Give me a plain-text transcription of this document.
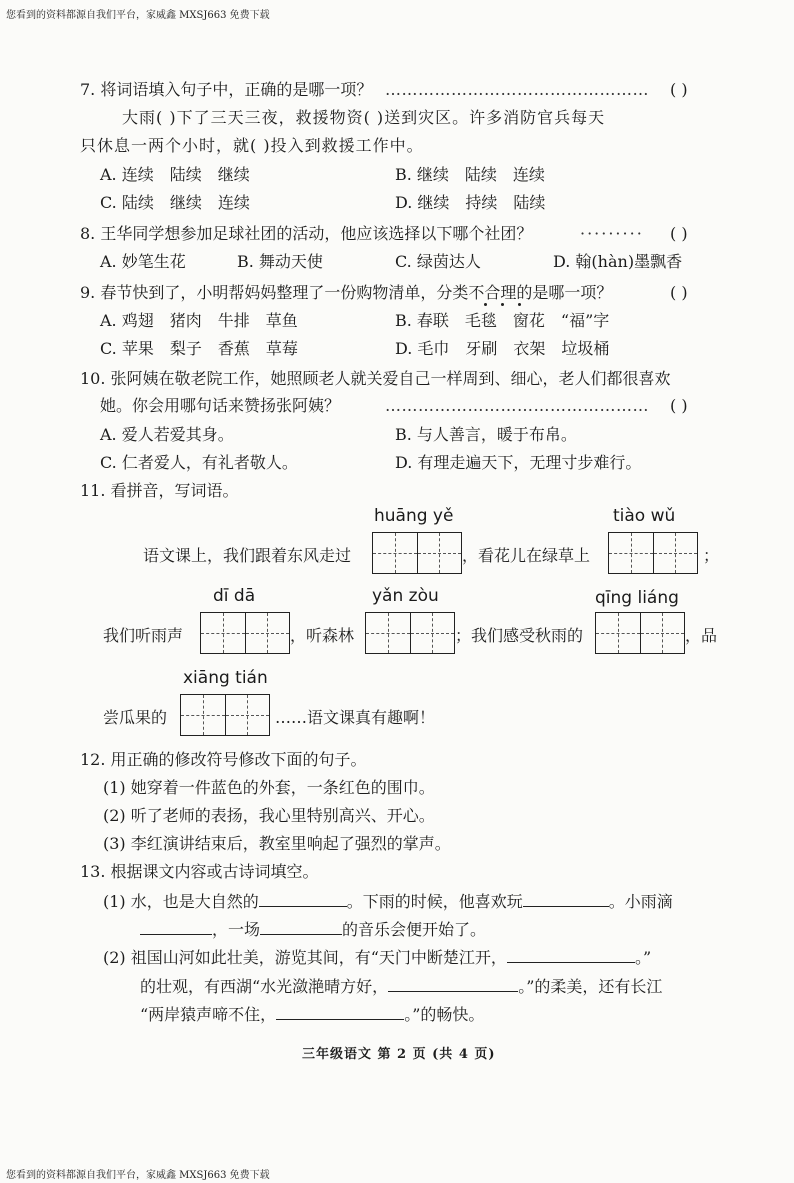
您看到的资料都源自我们平台，家威鑫 MXSJ663 免费下载
您看到的资料都源自我们平台，家威鑫 MXSJ663 免费下载
7. 将词语填入句子中，正确的是哪一项？ ………………………………………… ( )
大雨( )下了三天三夜，救援物资( )送到灾区。许多消防官兵每天
只休息一两个小时，就( )投入到救援工作中。
A. 连续　陆续　继续	B. 继续　陆续　连续
C. 陆续　继续　连续	D. 继续　持续　陆续
8. 王华同学想参加足球社团的活动，他应该选择以下哪个社团？	········· ( )
A. 妙笔生花	B. 舞动天使	C. 绿茵达人	D. 翰(hàn)墨飘香
9. 春节快到了，小明帮妈妈整理了一份购物清单，分类不合理的是哪一项？	( )
A. 鸡翅　猪肉　牛排　草鱼	B. 春联　毛毯　窗花　“福”字
C. 苹果　梨子　香蕉　草莓	D. 毛巾　牙刷　衣架　垃圾桶
10. 张阿姨在敬老院工作，她照顾老人就关爱自己一样周到、细心，老人们都很喜欢
她。你会用哪句话来赞扬张阿姨？	………………………………………… ( )
A. 爱人若爱其身。	B. 与人善言，暖于布帛。
C. 仁者爱人，有礼者敬人。	D. 有理走遍天下，无理寸步难行。
11. 看拼音，写词语。
huāng yě	tiào wǔ
语文课上，我们跟着东风走过	，看花儿在绿草上	；
dī dā	yǎn zòu	qīng liáng
我们听雨声	，听森林	；我们感受秋雨的	，品
xiāng tián
尝瓜果的	……语文课真有趣啊！
12. 用正确的修改符号修改下面的句子。
(1) 她穿着一件蓝色的外套，一条红色的围巾。
(2) 听了老师的表扬，我心里特别高兴、开心。
(3) 李红演讲结束后，教室里响起了强烈的掌声。
13. 根据课文内容或古诗词填空。
(1) 水，也是大自然的	。下雨的时候，他喜欢玩	。小雨滴
，一场	的音乐会便开始了。
(2) 祖国山河如此壮美，游览其间，有“天门中断楚江开，	。”
的壮观，有西湖“水光潋滟晴方好，	。”的柔美，还有长江
“两岸猿声啼不住，	。”的畅快。
三年级语文 第 2 页 (共 4 页)
